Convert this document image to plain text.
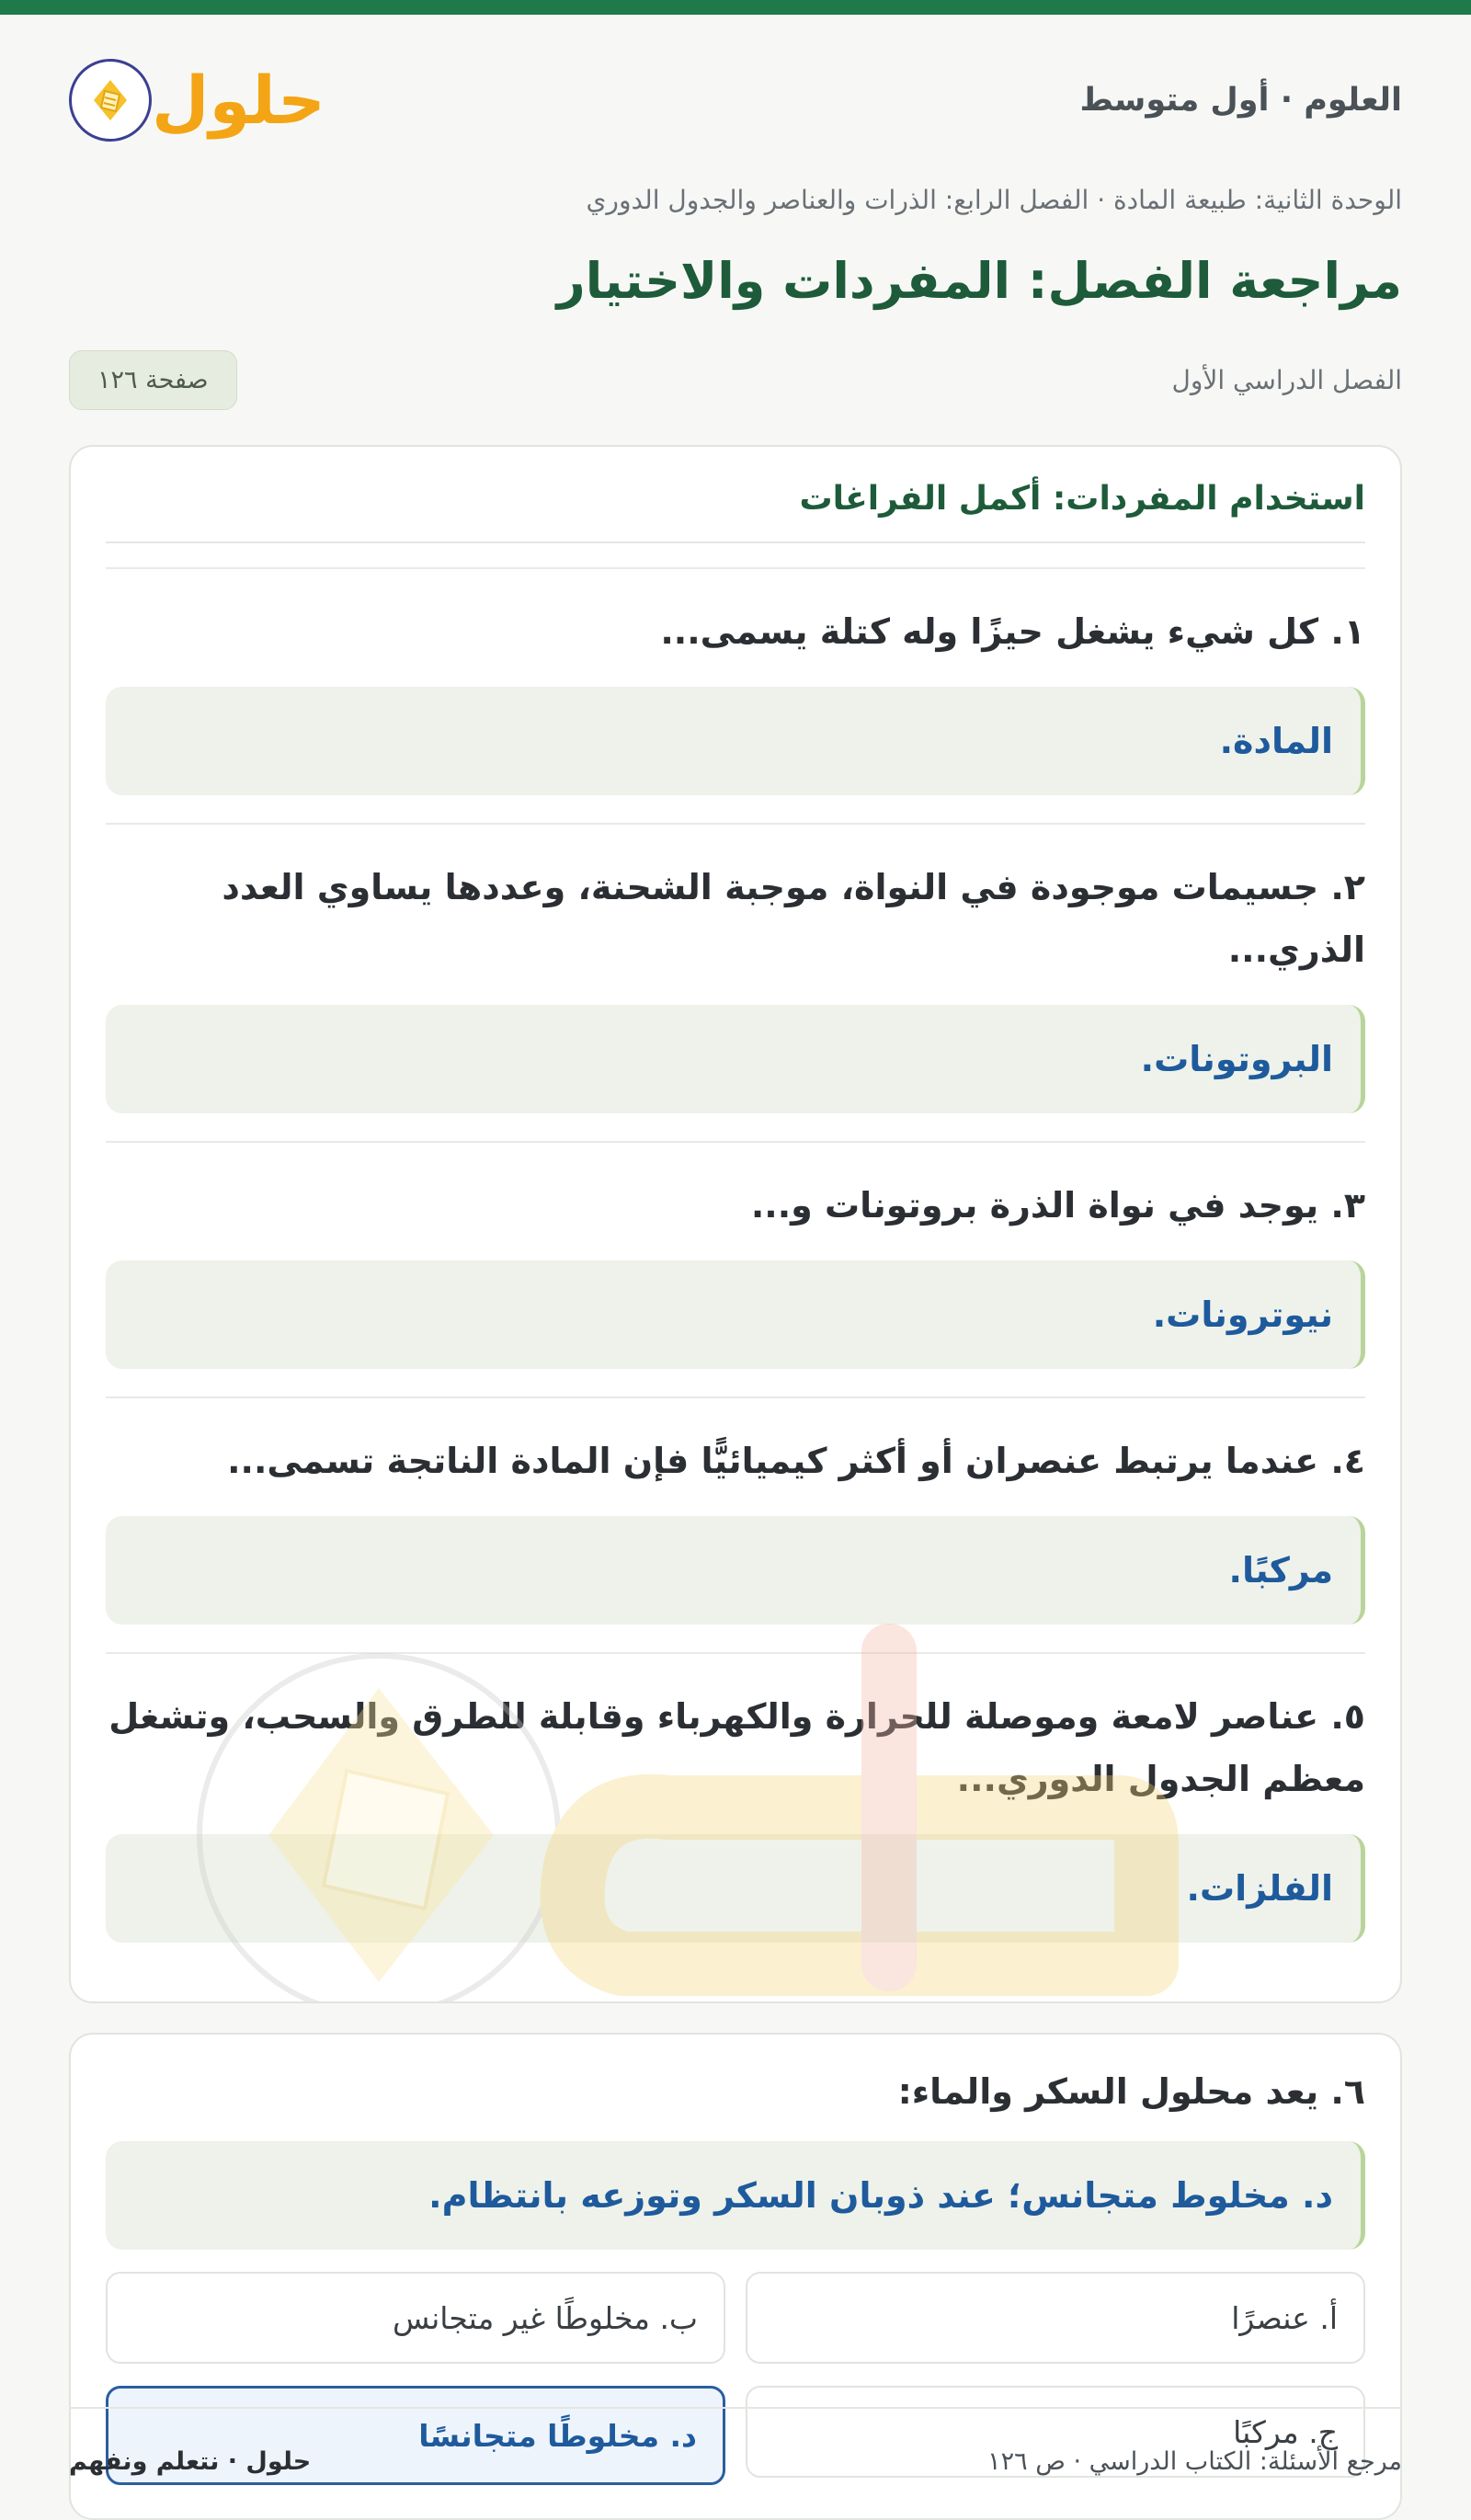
العلوم · أول متوسط
حلول
الوحدة الثانية: طبيعة المادة · الفصل الرابع: الذرات والعناصر والجدول الدوري
مراجعة الفصل: المفردات والاختيار
الفصل الدراسي الأول
صفحة ١٢٦
استخدام المفردات: أكمل الفراغات
١. كل شيء يشغل حيزًا وله كتلة يسمى...
المادة.
٢. جسيمات موجودة في النواة، موجبة الشحنة، وعددها يساوي العدد الذري...
البروتونات.
٣. يوجد في نواة الذرة بروتونات و...
نيوترونات.
٤. عندما يرتبط عنصران أو أكثر كيميائيًّا فإن المادة الناتجة تسمى...
مركبًا.
٥. عناصر لامعة وموصلة للحرارة والكهرباء وقابلة للطرق والسحب، وتشغل معظم الجدول الدوري...
الفلزات.
٦. يعد محلول السكر والماء:
د. مخلوط متجانس؛ عند ذوبان السكر وتوزعه بانتظام.
أ. عنصرًا
ب. مخلوطًا غير متجانس
ج. مركبًا
د. مخلوطًا متجانسًا
مرجع الأسئلة: الكتاب الدراسي · ص ١٢٦
حلول · نتعلم ونفهم
